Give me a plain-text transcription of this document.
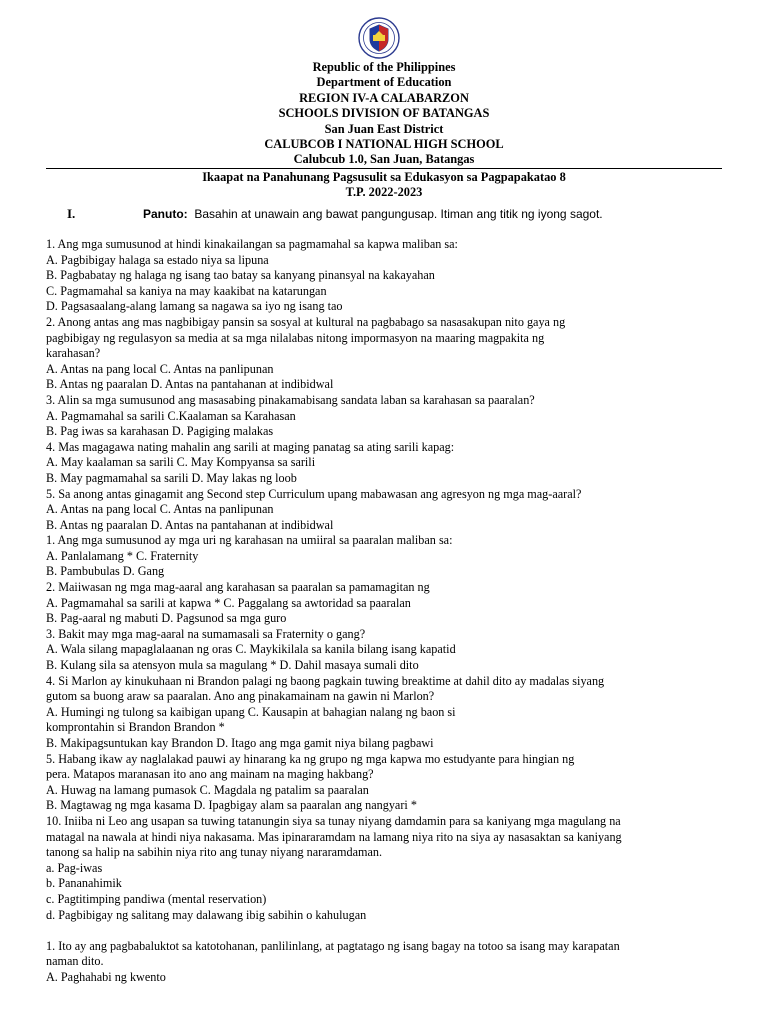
Republic of the Philippines
Department of Education
REGION IV-A CALABARZON
SCHOOLS DIVISION OF BATANGAS
San Juan East District
CALUBCOB I NATIONAL HIGH SCHOOL
Calubcub 1.0, San Juan, Batangas
Ikaapat na Panahunang Pagsusulit sa Edukasyon sa Pagpapakatao 8
T.P. 2022-2023
I.	Panuto: Basahin at unawain ang bawat pangungusap. Itiman ang titik ng iyong sagot.
1. Ang mga sumusunod at hindi kinakailangan sa pagmamahal sa kapwa maliban sa:
A. Pagbibigay halaga sa estado niya sa lipuna
B. Pagbabatay ng halaga ng isang tao batay sa kanyang pinansyal na kakayahan
C. Pagmamahal sa kaniya na may kaakibat na katarungan
D. Pagsasaalang-alang lamang sa nagawa sa iyo ng isang tao
2. Anong antas ang mas nagbibigay pansin sa sosyal at kultural na pagbabago sa nasasakupan nito gaya ng
pagbibigay ng regulasyon sa media at sa mga nilalabas nitong impormasyon na maaring magpakita ng
karahasan?
A. Antas na pang local C. Antas na panlipunan
B. Antas ng paaralan D. Antas na pantahanan at indibidwal
3. Alin sa mga sumusunod ang masasabing pinakamabisang sandata laban sa karahasan sa paaralan?
A. Pagmamahal sa sarili C.Kaalaman sa Karahasan
B. Pag iwas sa karahasan D. Pagiging malakas
4. Mas magagawa nating mahalin ang sarili at maging panatag sa ating sarili kapag:
A. May kaalaman sa sarili C. May Kompyansa sa sarili
B. May pagmamahal sa sarili D. May lakas ng loob
5. Sa anong antas ginagamit ang Second step Curriculum upang mabawasan ang agresyon ng mga mag-aaral?
A. Antas na pang local C. Antas na panlipunan
B. Antas ng paaralan D. Antas na pantahanan at indibidwal
1. Ang mga sumusunod ay mga uri ng karahasan na umiiral sa paaralan maliban sa:
A. Panlalamang * C. Fraternity
B. Pambubulas D. Gang
2. Maiiwasan ng mga mag-aaral ang karahasan sa paaralan sa pamamagitan ng
A. Pagmamahal sa sarili at kapwa * C. Paggalang sa awtoridad sa paaralan
B. Pag-aaral ng mabuti D. Pagsunod sa mga guro
3. Bakit may mga mag-aaral na sumamasali sa Fraternity o gang?
A. Wala silang mapaglalaanan ng oras C. Maykikilala sa kanila bilang isang kapatid
B. Kulang sila sa atensyon mula sa magulang * D. Dahil masaya sumali dito
4. Si Marlon ay kinukuhaan ni Brandon palagi ng baong pagkain tuwing breaktime at dahil dito ay madalas siyang
gutom sa buong araw sa paaralan. Ano ang pinakamainam na gawin ni Marlon?
A. Humingi ng tulong sa kaibigan upang C. Kausapin at bahagian nalang ng baon si
komprontahin si Brandon Brandon *
B. Makipagsuntukan kay Brandon D. Itago ang mga gamit niya bilang pagbawi
5. Habang ikaw ay naglalakad pauwi ay hinarang ka ng grupo ng mga kapwa mo estudyante para hingian ng
pera. Matapos maranasan ito ano ang mainam na maging hakbang?
A. Huwag na lamang pumasok C. Magdala ng patalim sa paaralan
B. Magtawag ng mga kasama D. Ipagbigay alam sa paaralan ang nangyari *
10. Iniiba ni Leo ang usapan sa tuwing tatanungin siya sa tunay niyang damdamin para sa kaniyang mga magulang na
matagal na nawala at hindi niya nakasama. Mas ipinararamdam na lamang niya rito na siya ay nasasaktan sa kaniyang
tanong sa halip na sabihin niya rito ang tunay niyang nararamdaman.
a. Pag-iwas
b. Pananahimik
c. Pagtitimping pandiwa (mental reservation)
d. Pagbibigay ng salitang may dalawang ibig sabihin o kahulugan
1. Ito ay ang pagbabaluktot sa katotohanan, panlilinlang, at pagtatago ng isang bagay na totoo sa isang may karapatan
naman dito.
A. Paghahabi ng kwento
